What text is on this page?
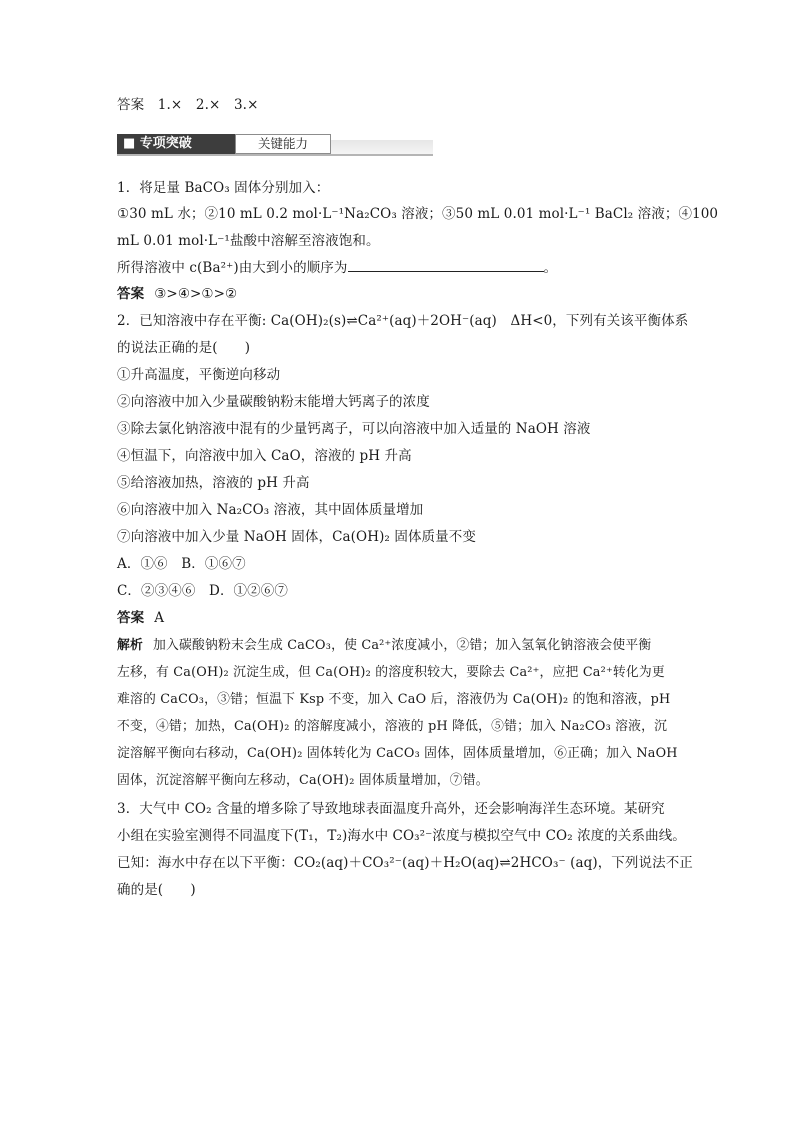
答案　1.×　2.×　3.×
■ 专项突破	关键能力
1．将足量 BaCO₃ 固体分别加入：
①30 mL 水；②10 mL 0.2 mol·L⁻¹Na₂CO₃ 溶液；③50 mL 0.01 mol·L⁻¹ BaCl₂ 溶液；④100
mL 0.01 mol·L⁻¹盐酸中溶解至溶液饱和。
所得溶液中 c(Ba²⁺)由大到小的顺序为	。
答案 ③>④>①>②
2．已知溶液中存在平衡: Ca(OH)₂(s)⇌Ca²⁺(aq)＋2OH⁻(aq)　ΔH<0，下列有关该平衡体系
的说法正确的是(　　)
①升高温度，平衡逆向移动
②向溶液中加入少量碳酸钠粉末能增大钙离子的浓度
③除去氯化钠溶液中混有的少量钙离子，可以向溶液中加入适量的 NaOH 溶液
④恒温下，向溶液中加入 CaO，溶液的 pH 升高
⑤给溶液加热，溶液的 pH 升高
⑥向溶液中加入 Na₂CO₃ 溶液，其中固体质量增加
⑦向溶液中加入少量 NaOH 固体，Ca(OH)₂ 固体质量不变
A．①⑥　B．①⑥⑦
C．②③④⑥　D．①②⑥⑦
答案 A
解析 加入碳酸钠粉末会生成 CaCO₃，使 Ca²⁺浓度减小，②错；加入氢氧化钠溶液会使平衡
左移，有 Ca(OH)₂ 沉淀生成，但 Ca(OH)₂ 的溶度积较大，要除去 Ca²⁺，应把 Ca²⁺转化为更
难溶的 CaCO₃，③错；恒温下 Ksp 不变，加入 CaO 后，溶液仍为 Ca(OH)₂ 的饱和溶液，pH
不变，④错；加热，Ca(OH)₂ 的溶解度减小，溶液的 pH 降低，⑤错；加入 Na₂CO₃ 溶液，沉
淀溶解平衡向右移动，Ca(OH)₂ 固体转化为 CaCO₃ 固体，固体质量增加，⑥正确；加入 NaOH
固体，沉淀溶解平衡向左移动，Ca(OH)₂ 固体质量增加，⑦错。
3．大气中 CO₂ 含量的增多除了导致地球表面温度升高外，还会影响海洋生态环境。某研究
小组在实验室测得不同温度下(T₁，T₂)海水中 CO₃²⁻浓度与模拟空气中 CO₂ 浓度的关系曲线。
已知：海水中存在以下平衡：CO₂(aq)＋CO₃²⁻(aq)＋H₂O(aq)⇌2HCO₃⁻ (aq)，下列说法不正
确的是(　　)
